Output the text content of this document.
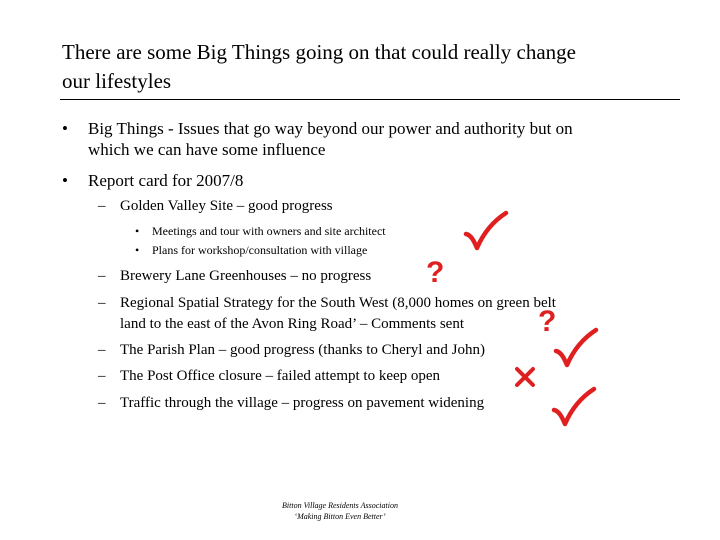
There are some Big Things going on that could really change
our lifestyles
• Big Things - Issues that go way beyond our power and authority but on
which we can have some influence
• Report card for 2007/8
– Golden Valley Site – good progress
• Meetings and tour with owners and site architect
• Plans for workshop/consultation with village
– Brewery Lane Greenhouses – no progress
– Regional Spatial Strategy for the South West (8,000 homes on green belt
land to the east of the Avon Ring Road’ – Comments sent
– The Parish Plan – good progress (thanks to Cheryl and John)
– The Post Office closure – failed attempt to keep open
– Traffic through the village – progress on pavement widening
?
?
Bitton Village Residents Association
‘Making Bitton Even Better’
